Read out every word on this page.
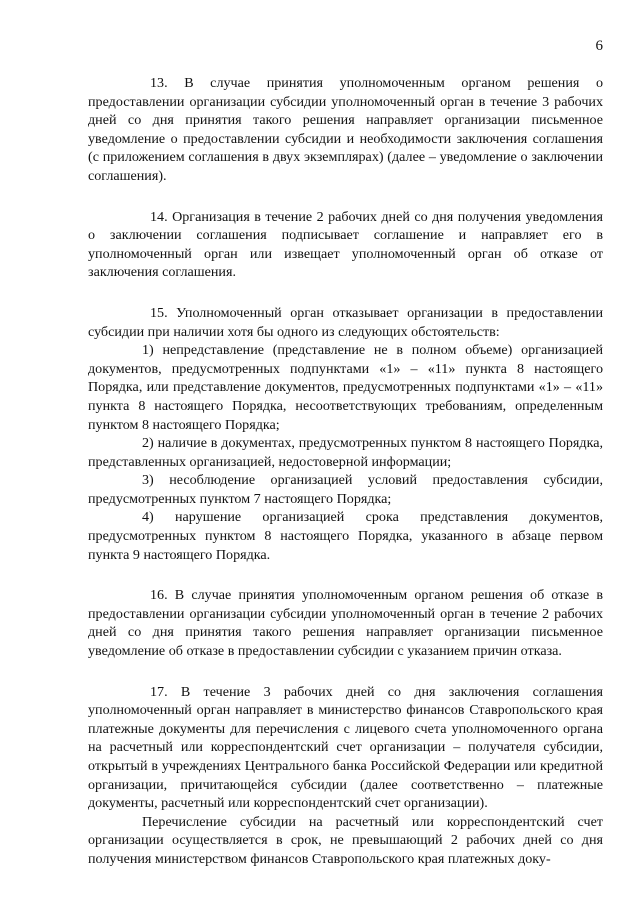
6

13. В случае принятия уполномоченным органом решения о предоставлении организации субсидии уполномоченный орган в течение 3 рабочих дней со дня принятия такого решения направляет организации письменное уведомление о предоставлении субсидии и необходимости заключения соглашения (с приложением соглашения в двух экземплярах) (далее – уведомление о заключении соглашения).

14. Организация в течение 2 рабочих дней со дня получения уведомления о заключении соглашения подписывает соглашение и направляет его в уполномоченный орган или извещает уполномоченный орган об отказе от заключения соглашения.

15. Уполномоченный орган отказывает организации в предоставлении субсидии при наличии хотя бы одного из следующих обстоятельств:

1) непредставление (представление не в полном объеме) организацией документов, предусмотренных подпунктами «1» – «11» пункта 8 настоящего Порядка, или представление документов, предусмотренных подпунктами «1» – «11» пункта 8 настоящего Порядка, несоответствующих требованиям, определенным пунктом 8 настоящего Порядка;

2) наличие в документах, предусмотренных пунктом 8 настоящего Порядка, представленных организацией, недостоверной информации;

3) несоблюдение организацией условий предоставления субсидии, предусмотренных пунктом 7 настоящего Порядка;

4) нарушение организацией срока представления документов, предусмотренных пунктом 8 настоящего Порядка, указанного в абзаце первом пункта 9 настоящего Порядка.

16. В случае принятия уполномоченным органом решения об отказе в предоставлении организации субсидии уполномоченный орган в течение 2 рабочих дней со дня принятия такого решения направляет организации письменное уведомление об отказе в предоставлении субсидии с указанием причин отказа.

17. В течение 3 рабочих дней со дня заключения соглашения уполномоченный орган направляет в министерство финансов Ставропольского края платежные документы для перечисления с лицевого счета уполномоченного органа на расчетный или корреспондентский счет организации – получателя субсидии, открытый в учреждениях Центрального банка Российской Федерации или кредитной организации, причитающейся субсидии (далее соответственно – платежные документы, расчетный или корреспондентский счет организации).

Перечисление субсидии на расчетный или корреспондентский счет организации осуществляется в срок, не превышающий 2 рабочих дней со дня получения министерством финансов Ставропольского края платежных доку-
